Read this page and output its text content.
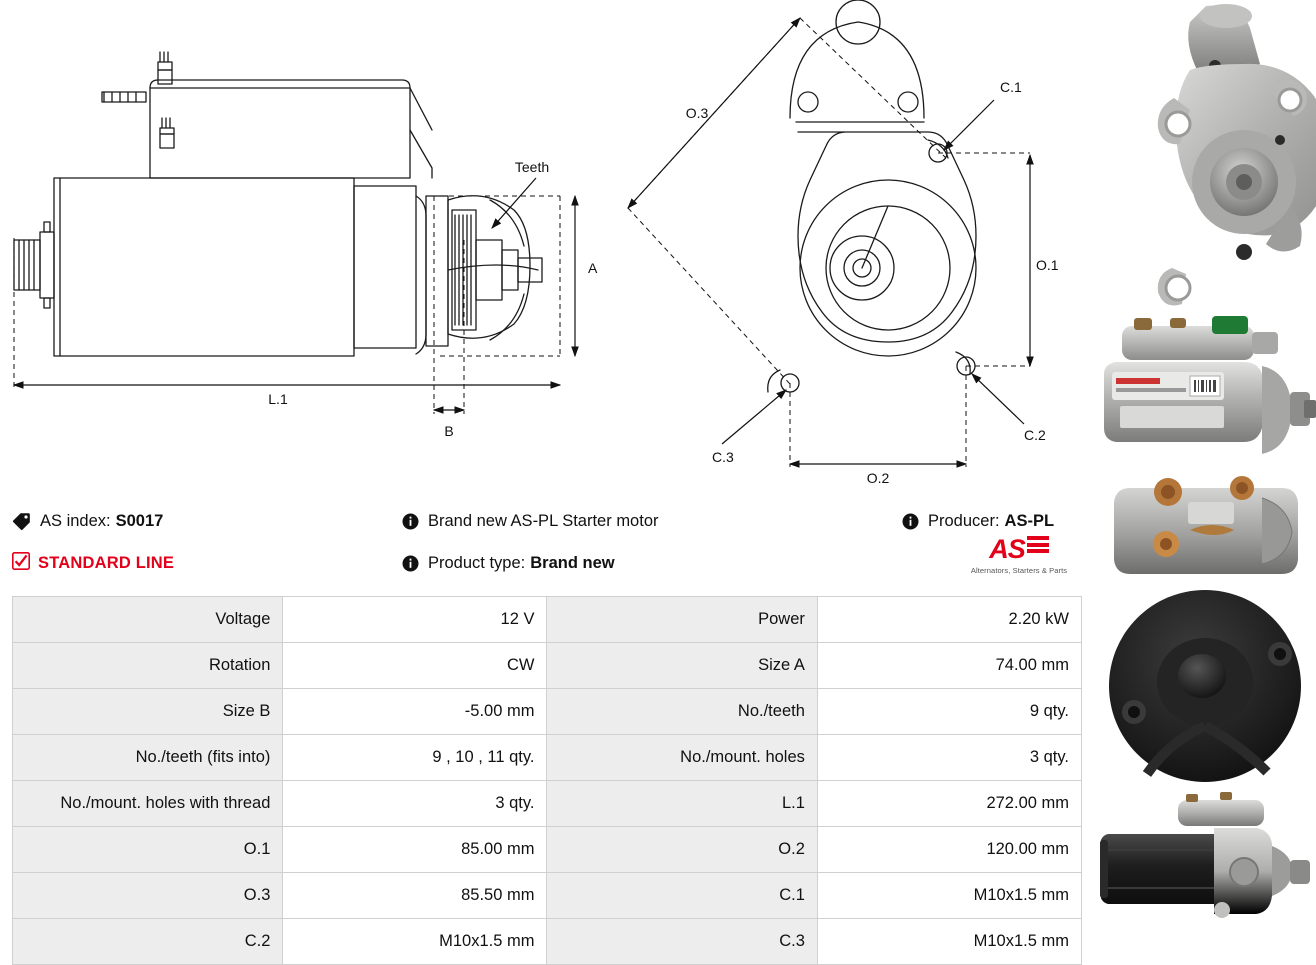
Teeth
A
B
L.1
O.1
O.2
O.3
C.1
C.2
C.3
AS index: S0017	Brand new AS-PL Starter motor	Producer: AS-PL
STANDARD LINE	Product type: Brand new	AS
Alternators, Starters & Parts
Voltage	12 V	Power	2.20 kW
Rotation	CW	Size A	74.00 mm
Size B	-5.00 mm	No./teeth	9 qty.
No./teeth (fits into)	9 , 10 , 11 qty.	No./mount. holes	3 qty.
No./mount. holes with thread	3 qty.	L.1	272.00 mm
O.1	85.00 mm	O.2	120.00 mm
O.3	85.50 mm	C.1	M10x1.5 mm
C.2	M10x1.5 mm	C.3	M10x1.5 mm
